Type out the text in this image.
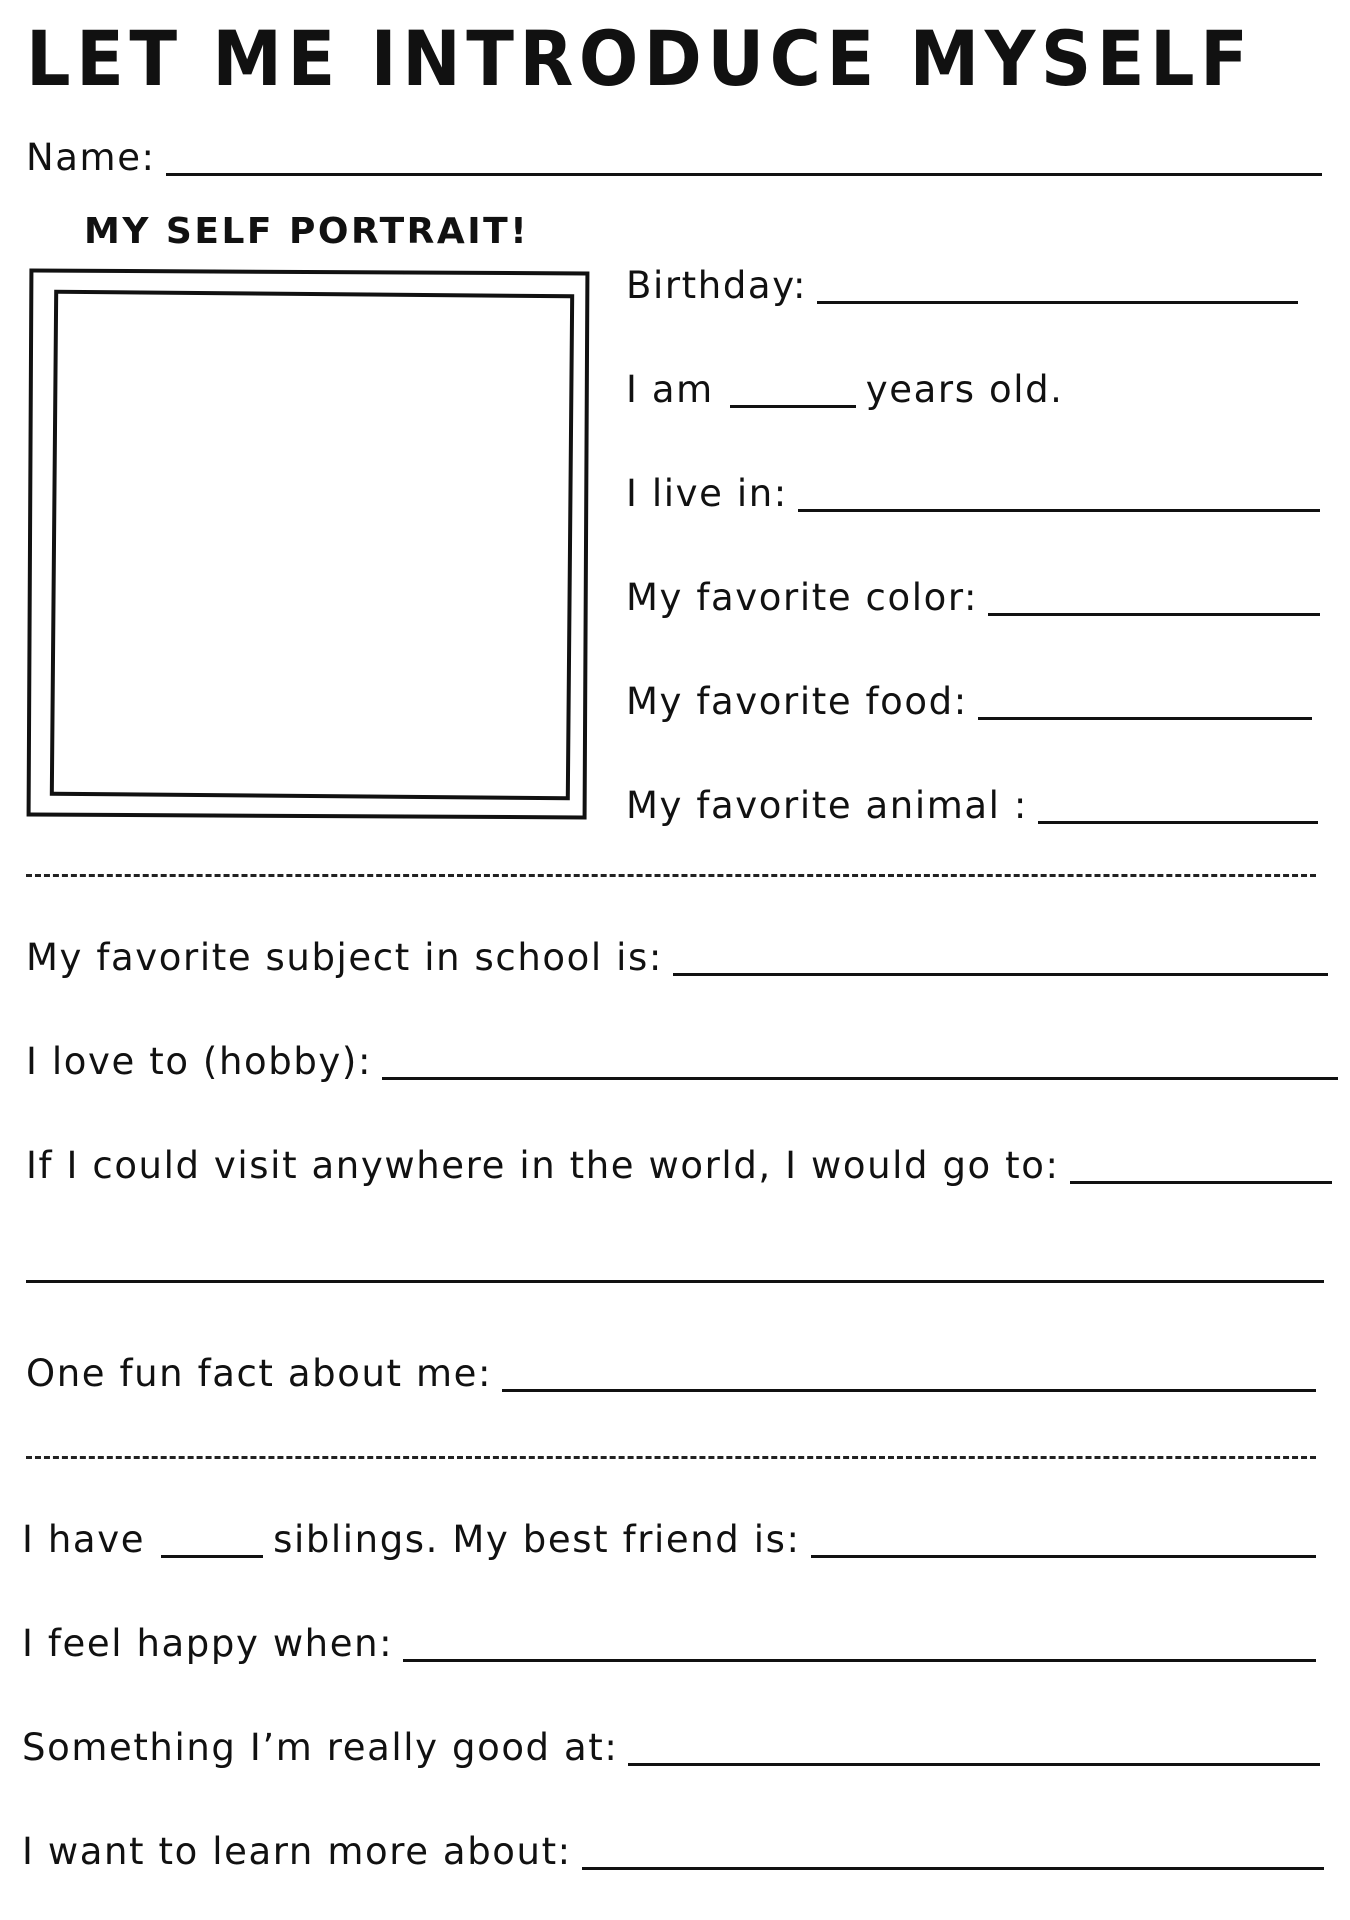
LET ME INTRODUCE MYSELF
Name:
MY SELF PORTRAIT!
Birthday:
I am	years old.
I live in:
My favorite color:
My favorite food:
My favorite animal :
My favorite subject in school is:
I love to (hobby):
If I could visit anywhere in the world, I would go to:
One fun fact about me:
I have	siblings. My best friend is:
I feel happy when:
Something I’m really good at:
I want to learn more about:
